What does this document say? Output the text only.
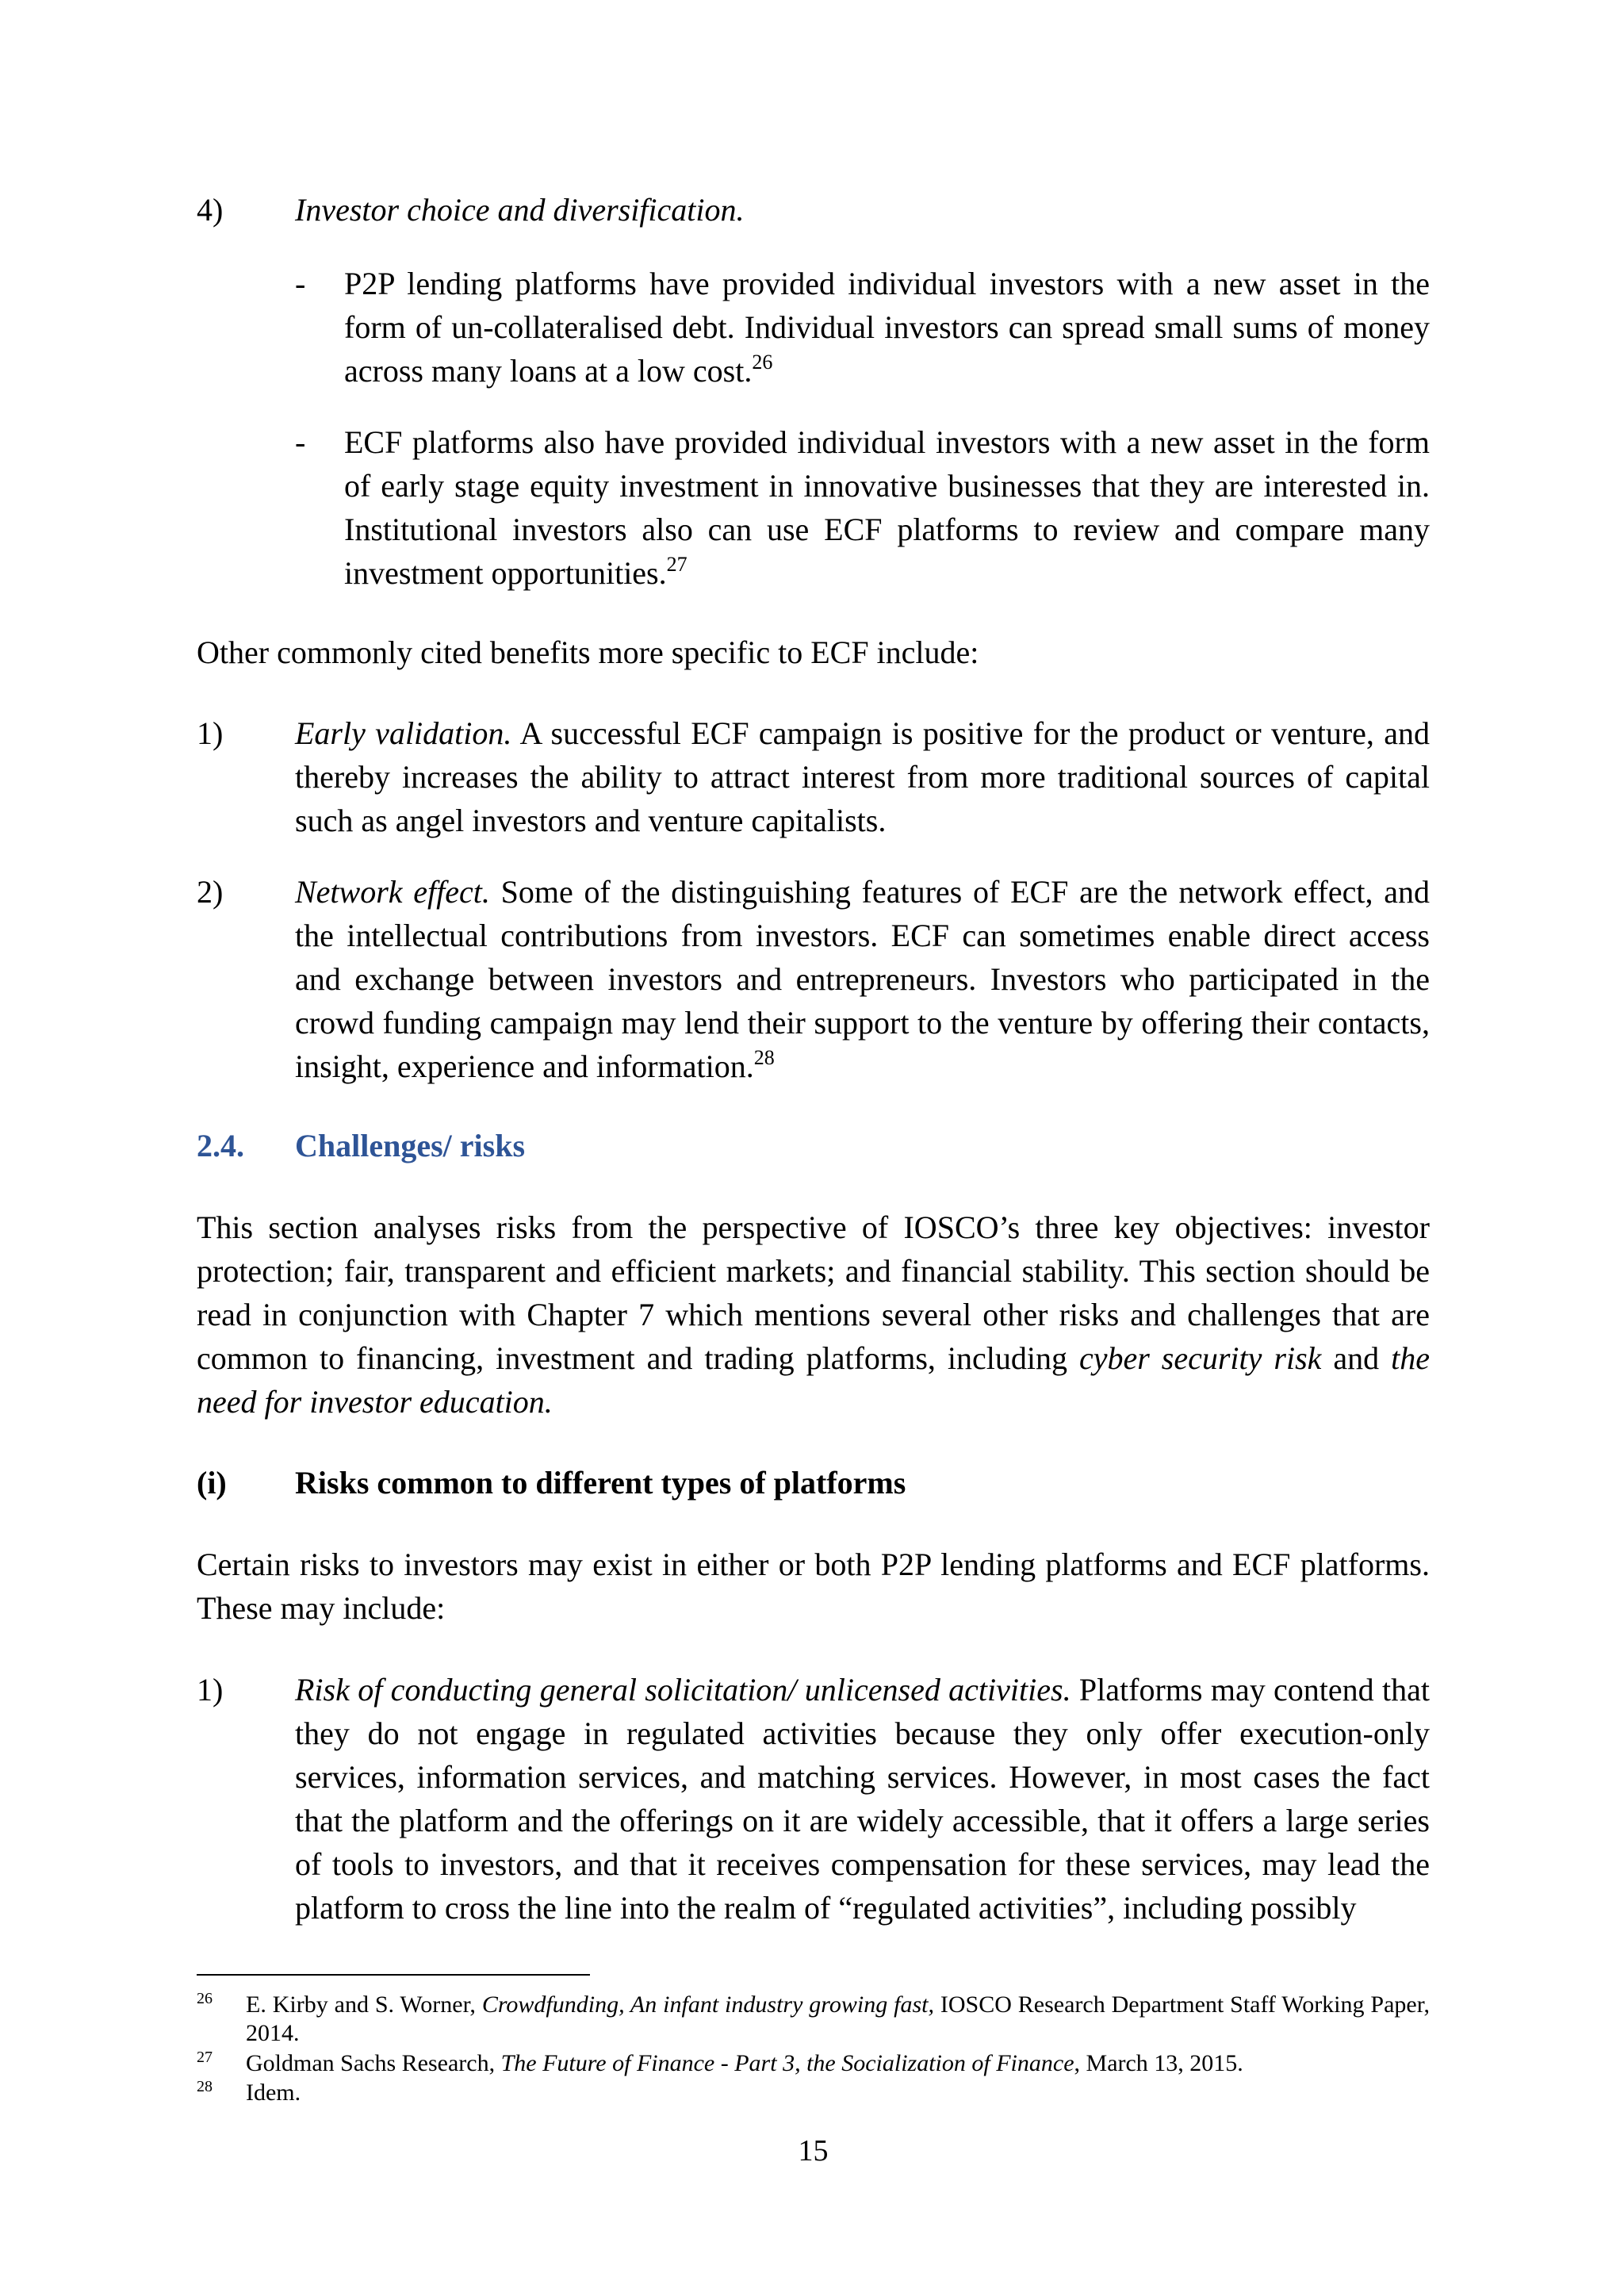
4) Investor choice and diversification.
- P2P lending platforms have provided individual investors with a new asset in the form of un-collateralised debt. Individual investors can spread small sums of money across many loans at a low cost.$^{26}$

- ECF platforms also have provided individual investors with a new asset in the form of early stage equity investment in innovative businesses that they are interested in. Institutional investors also can use ECF platforms to review and compare many investment opportunities.$^{27}$

Other commonly cited benefits more specific to ECF include:

1) Early validation. A successful ECF campaign is positive for the product or venture, and thereby increases the ability to attract interest from more traditional sources of capital such as angel investors and venture capitalists.

2) Network effect. Some of the distinguishing features of ECF are the network effect, and the intellectual contributions from investors. ECF can sometimes enable direct access and exchange between investors and entrepreneurs. Investors who participated in the crowd funding campaign may lend their support to the venture by offering their contacts, insight, experience and information.$^{28}$

2.4. Challenges/ risks

This section analyses risks from the perspective of IOSCO’s three key objectives: investor protection; fair, transparent and efficient markets; and financial stability. This section should be read in conjunction with Chapter 7 which mentions several other risks and challenges that are common to financing, investment and trading platforms, including cyber security risk and the need for investor education.

(i) Risks common to different types of platforms

Certain risks to investors may exist in either or both P2P lending platforms and ECF platforms. These may include:

1) Risk of conducting general solicitation/ unlicensed activities. Platforms may contend that they do not engage in regulated activities because they only offer execution-only services, information services, and matching services. However, in most cases the fact that the platform and the offerings on it are widely accessible, that it offers a large series of tools to investors, and that it receives compensation for these services, may lead the platform to cross the line into the realm of “regulated activities”, including possibly

26 E. Kirby and S. Worner, Crowdfunding, An infant industry growing fast, IOSCO Research Department Staff Working Paper, 2014.
27 Goldman Sachs Research, The Future of Finance - Part 3, the Socialization of Finance, March 13, 2015.
28 Idem.
15
